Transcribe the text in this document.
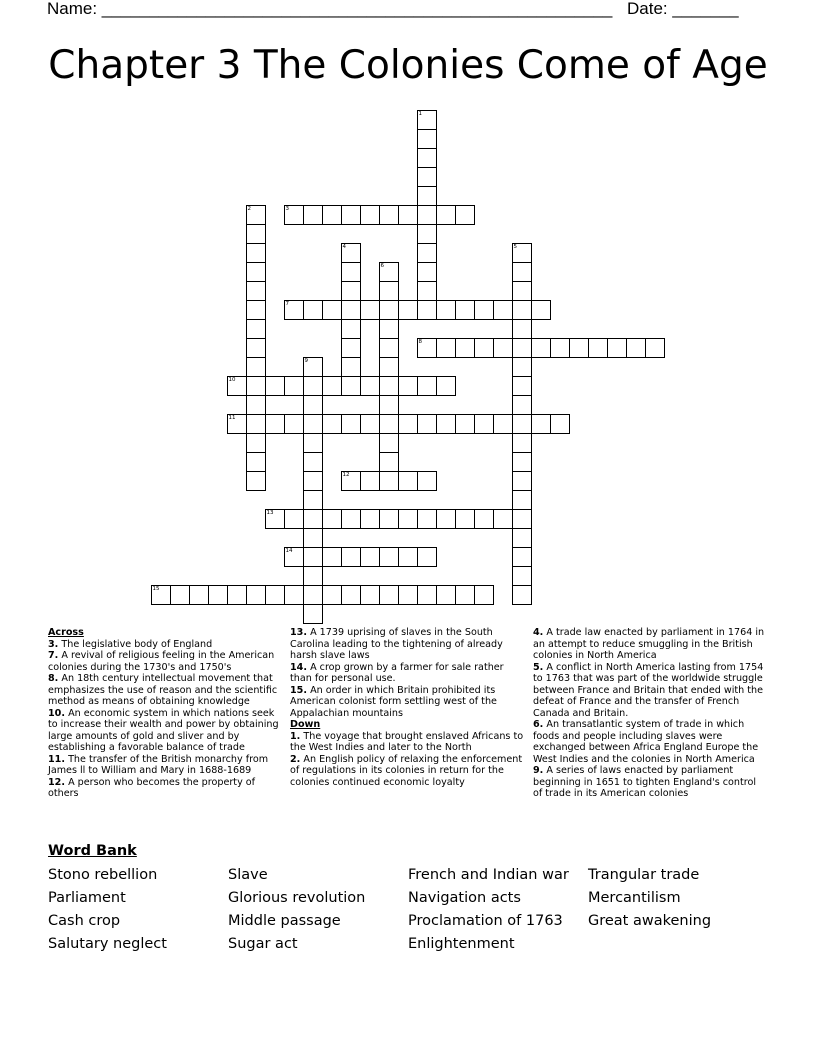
Name: ______________________________________________________ Date: _______
Chapter 3 The Colonies Come of Age
1
2	3
4	5
6
7
8
9
10
11
12
13
14
15
Across
3. The legislative body of England
7. A revival of religious feeling in the American colonies during the 1730's and 1750's
8. An 18th century intellectual movement that emphasizes the use of reason and the scientific method as means of obtaining knowledge
10. An economic system in which nations seek to increase their wealth and power by obtaining large amounts of gold and sliver and by establishing a favorable balance of trade
11. The transfer of the British monarchy from James ll to William and Mary in 1688-1689
12. A person who becomes the property of others
13. A 1739 uprising of slaves in the South Carolina leading to the tightening of already harsh slave laws
14. A crop grown by a farmer for sale rather than for personal use.
15. An order in which Britain prohibited its American colonist form settling west of the Appalachian mountains
Down
1. The voyage that brought enslaved Africans to the West Indies and later to the North
2. An English policy of relaxing the enforcement of regulations in its colonies in return for the colonies continued economic loyalty
4. A trade law enacted by parliament in 1764 in an attempt to reduce smuggling in the British colonies in North America
5. A conflict in North America lasting from 1754 to 1763 that was part of the worldwide struggle between France and Britain that ended with the defeat of France and the transfer of French Canada and Britain.
6. An transatlantic system of trade in which foods and people including slaves were exchanged between Africa England Europe the West Indies and the colonies in North America
9. A series of laws enacted by parliament beginning in 1651 to tighten England's control of trade in its American colonies
Word Bank
Stono rebellion
Parliament
Cash crop
Salutary neglect
Slave
Glorious revolution
Middle passage
Sugar act
French and Indian war
Navigation acts
Proclamation of 1763
Enlightenment
Trangular trade
Mercantilism
Great awakening
